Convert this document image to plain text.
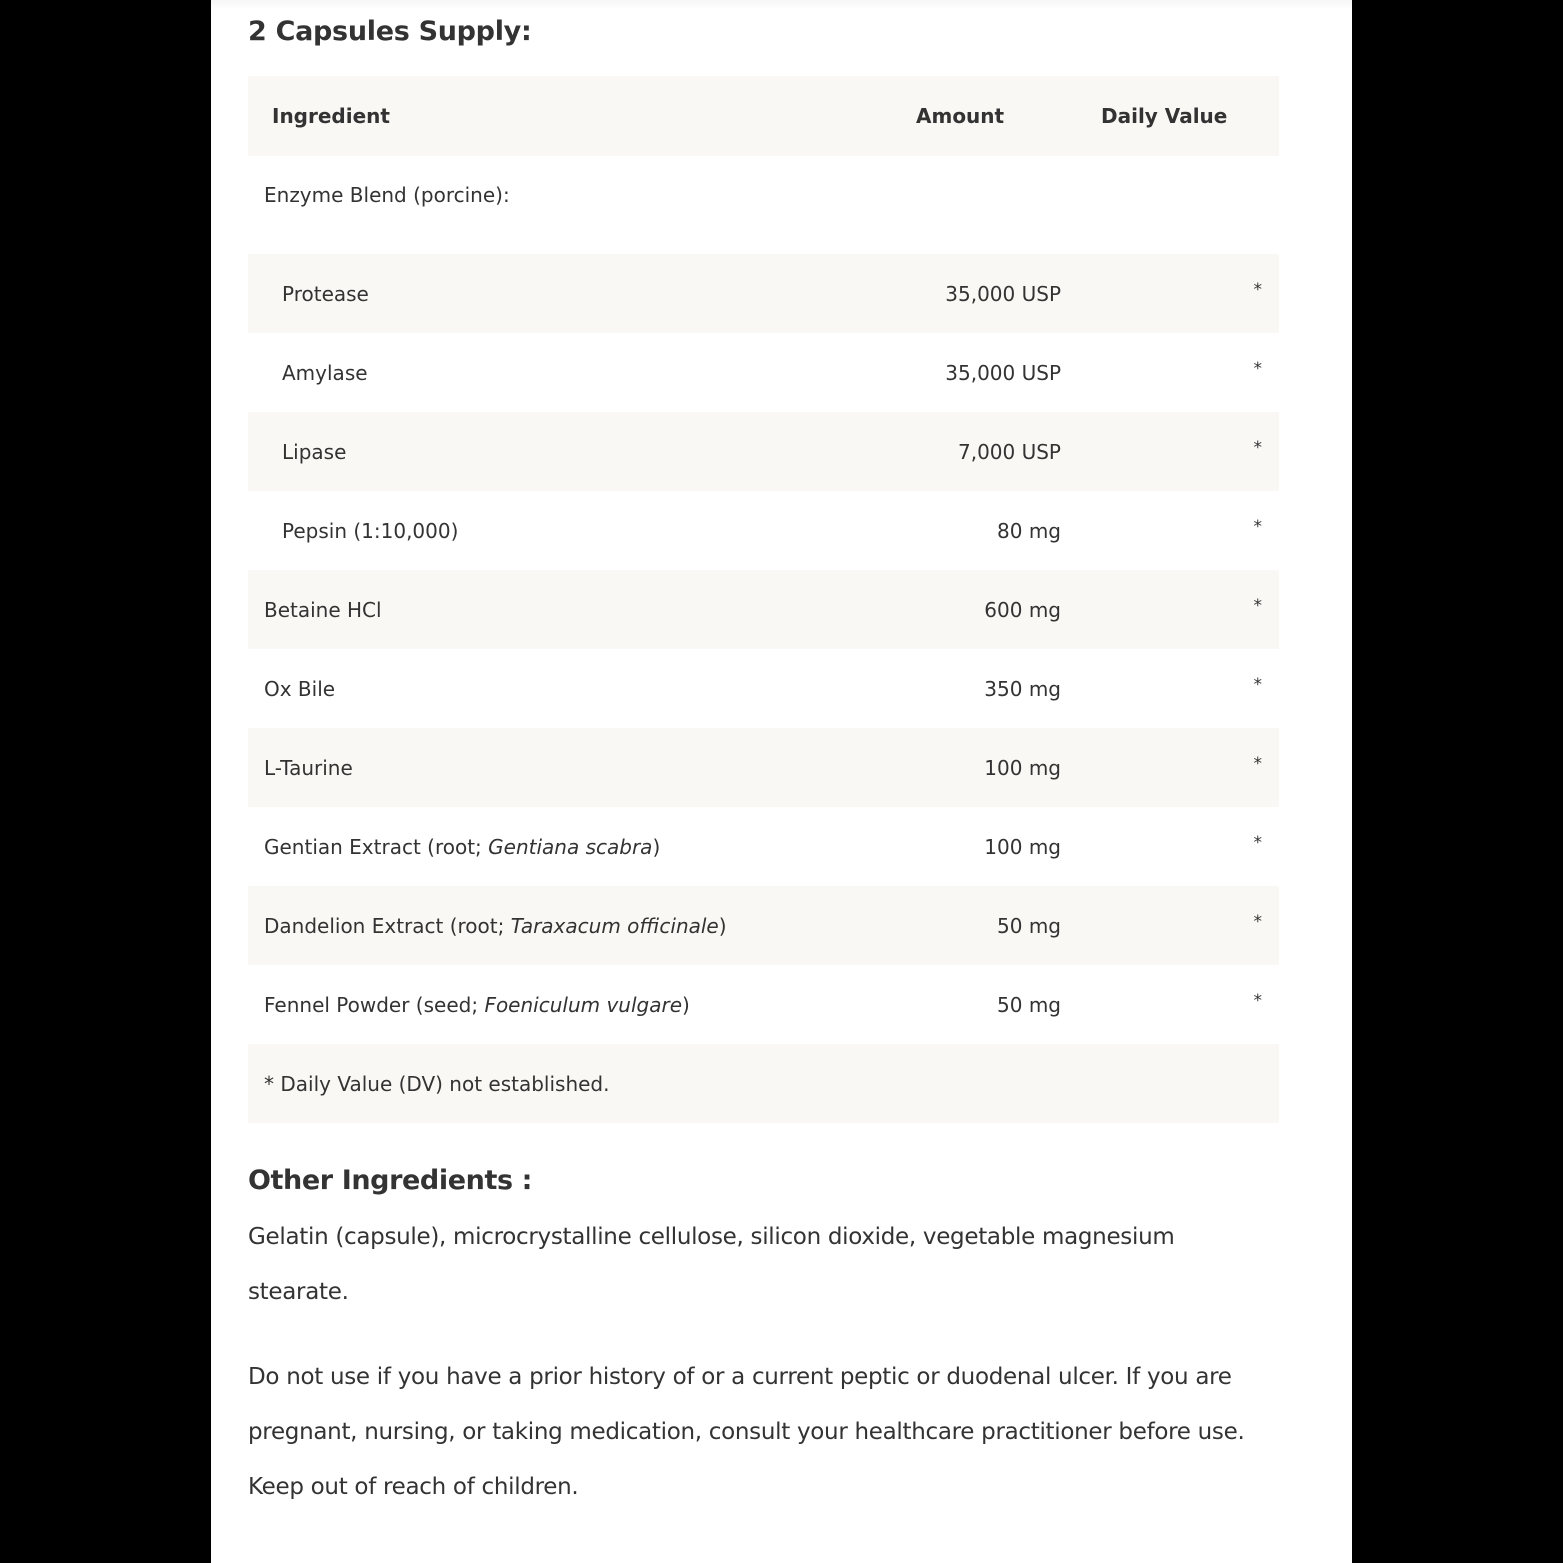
2 Capsules Supply:
Ingredient	Amount	Daily Value
Enzyme Blend (porcine):
Protease	35,000 USP	*
Amylase	35,000 USP	*
Lipase	7,000 USP	*
Pepsin (1:10,000)	80 mg	*
Betaine HCl	600 mg	*
Ox Bile	350 mg	*
L-Taurine	100 mg	*
Gentian Extract (root; Gentiana scabra)	100 mg	*
Dandelion Extract (root; Taraxacum officinale)	50 mg	*
Fennel Powder (seed; Foeniculum vulgare)	50 mg	*
* Daily Value (DV) not established.
Other Ingredients :

Gelatin (capsule), microcrystalline cellulose, silicon dioxide, vegetable magnesium stearate.

Do not use if you have a prior history of or a current peptic or duodenal ulcer. If you are pregnant, nursing, or taking medication, consult your healthcare practitioner before use. Keep out of reach of children.
